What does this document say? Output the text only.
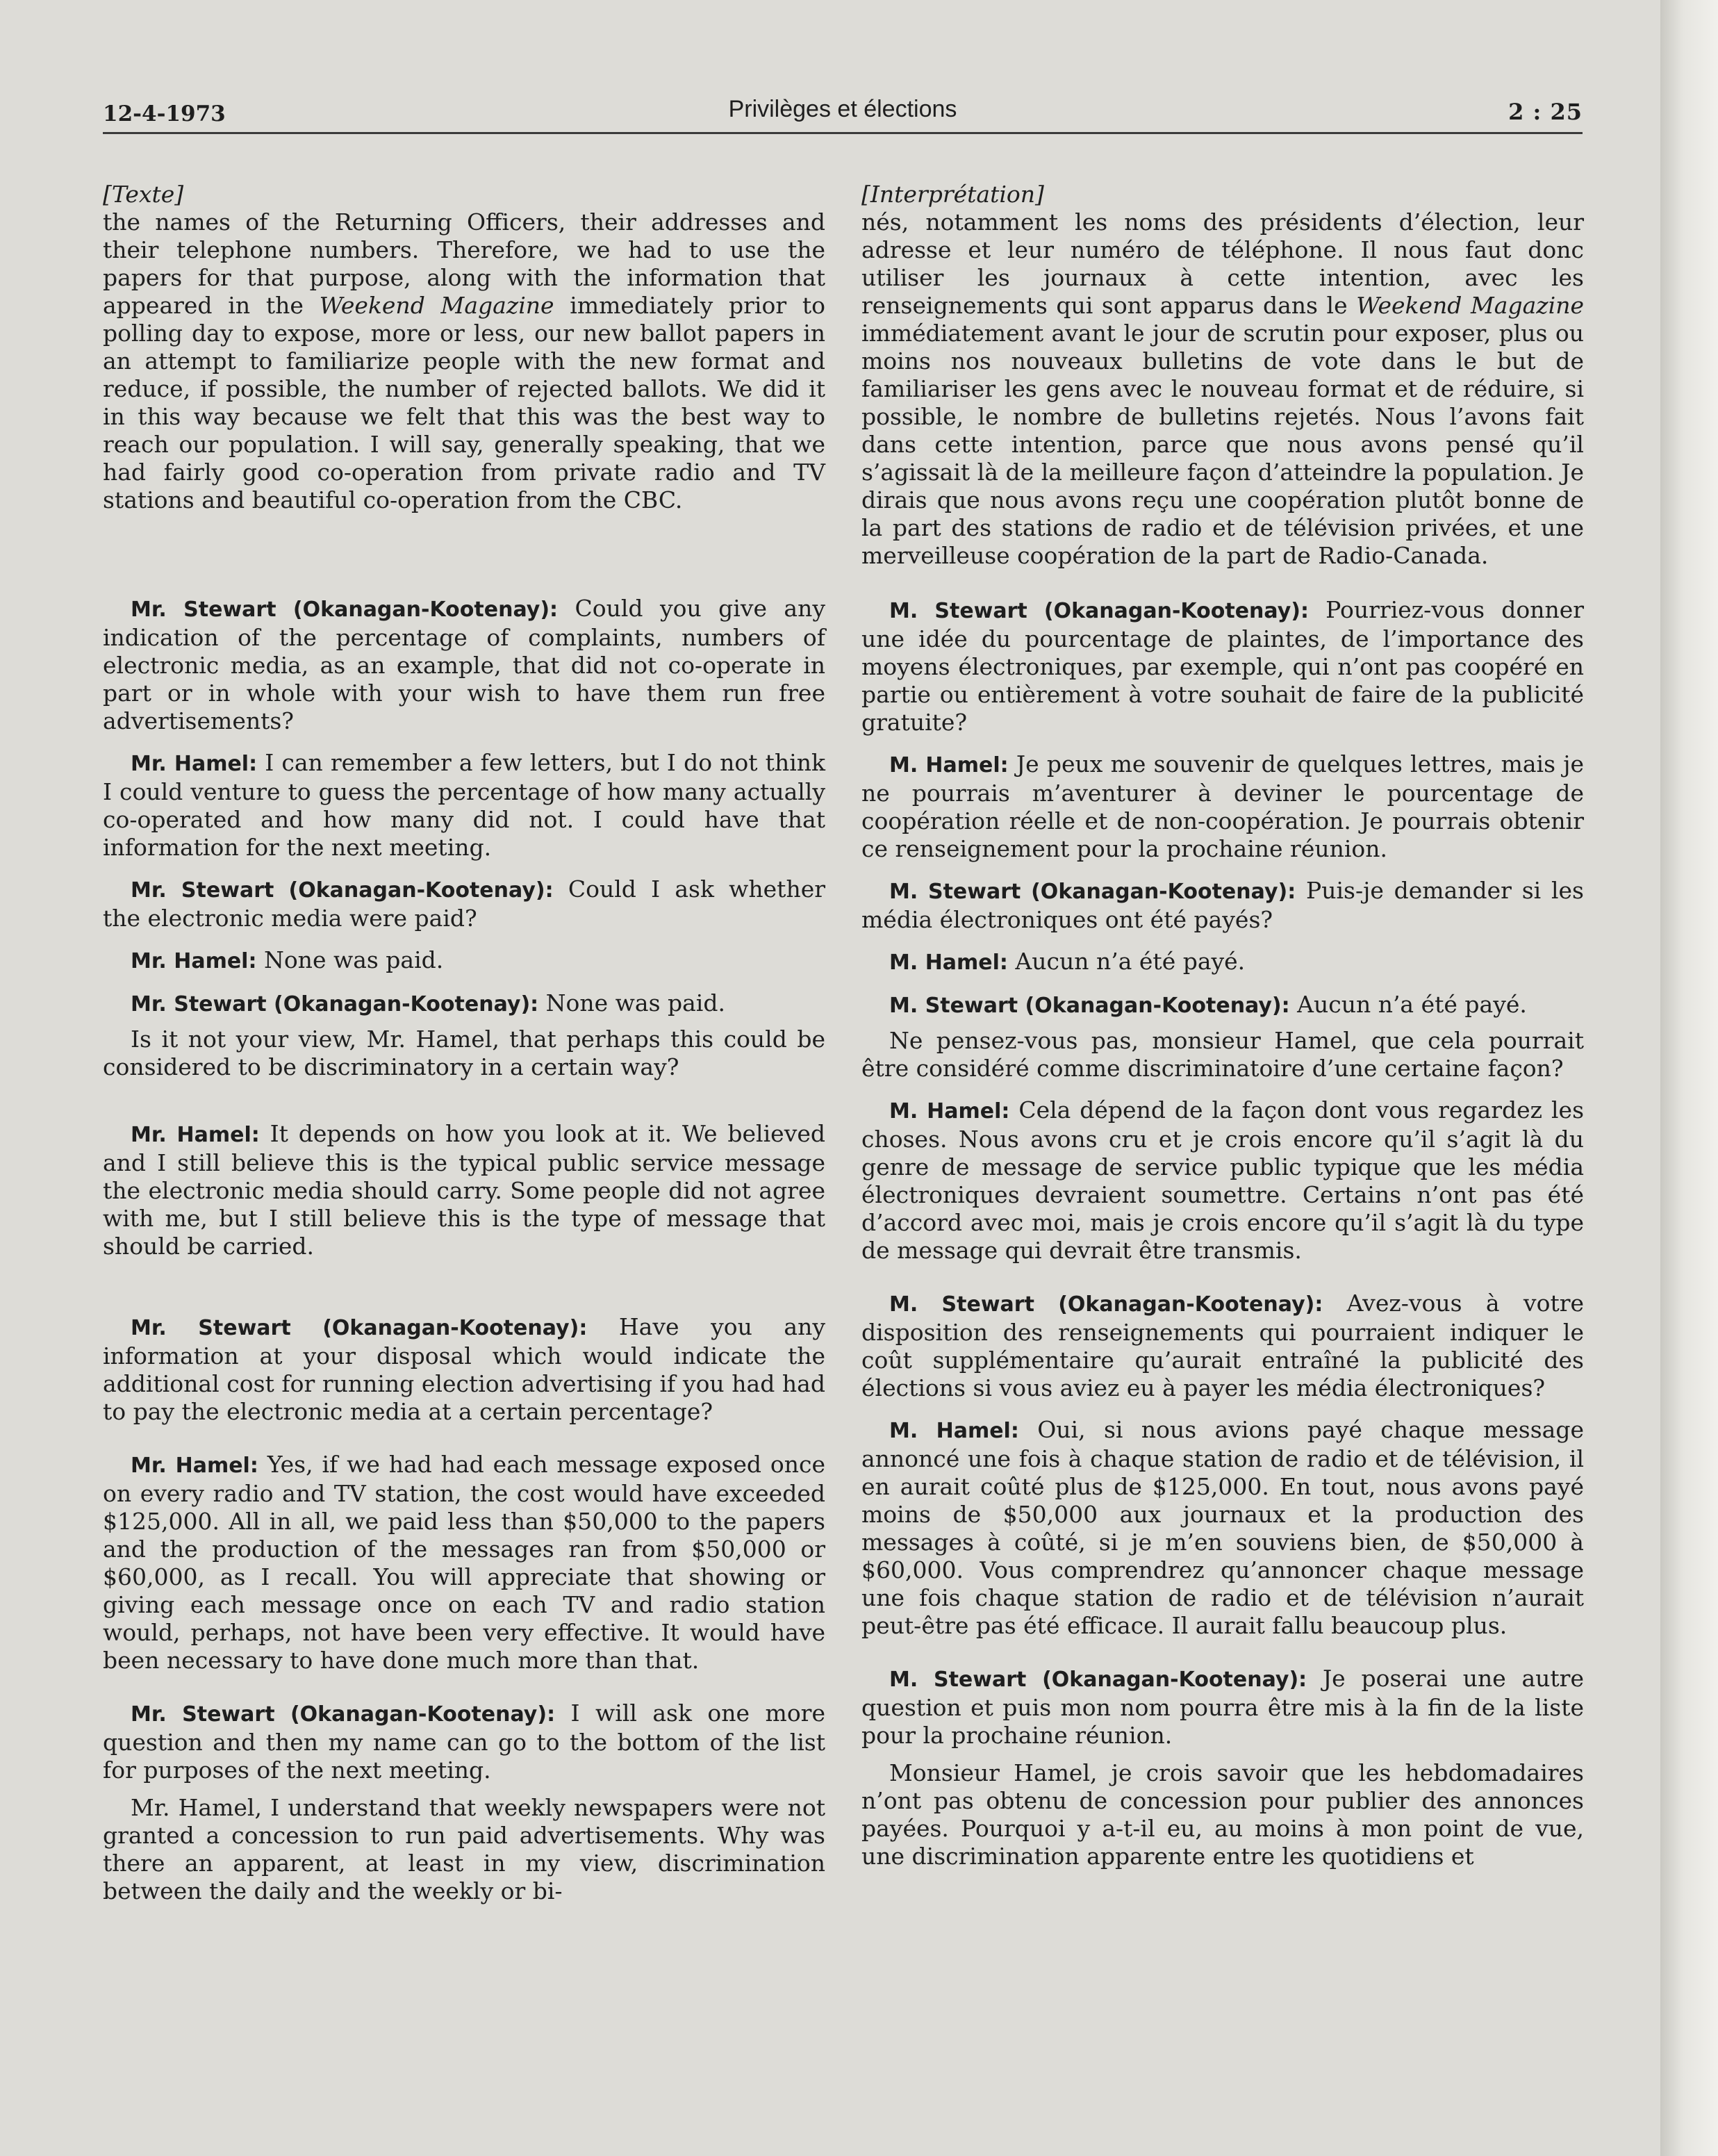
12-4-1973	Privilèges et élections	2 : 25
[Texte]

the names of the Returning Officers, their addresses and their telephone numbers. Therefore, we had to use the papers for that purpose, along with the information that appeared in the Weekend Magazine immediately prior to polling day to expose, more or less, our new ballot papers in an attempt to familiarize people with the new format and reduce, if possible, the number of rejected ballots. We did it in this way because we felt that this was the best way to reach our population. I will say, generally speaking, that we had fairly good co-operation from private radio and TV stations and beautiful co-operation from the CBC.

Mr. Stewart (Okanagan-Kootenay): Could you give any indication of the percentage of complaints, numbers of electronic media, as an example, that did not co-operate in part or in whole with your wish to have them run free advertisements?

Mr. Hamel: I can remember a few letters, but I do not think I could venture to guess the percentage of how many actually co-operated and how many did not. I could have that information for the next meeting.

Mr. Stewart (Okanagan-Kootenay): Could I ask whether the electronic media were paid?

Mr. Hamel: None was paid.

Mr. Stewart (Okanagan-Kootenay): None was paid.

Is it not your view, Mr. Hamel, that perhaps this could be considered to be discriminatory in a certain way?

Mr. Hamel: It depends on how you look at it. We believed and I still believe this is the typical public service message the electronic media should carry. Some people did not agree with me, but I still believe this is the type of message that should be carried.

Mr. Stewart (Okanagan-Kootenay): Have you any information at your disposal which would indicate the additional cost for running election advertising if you had had to pay the electronic media at a certain percentage?

Mr. Hamel: Yes, if we had had each message exposed once on every radio and TV station, the cost would have exceeded $125,000. All in all, we paid less than $50,000 to the papers and the production of the messages ran from $50,000 or $60,000, as I recall. You will appreciate that showing or giving each message once on each TV and radio station would, perhaps, not have been very effective. It would have been necessary to have done much more than that.

Mr. Stewart (Okanagan-Kootenay): I will ask one more question and then my name can go to the bottom of the list for purposes of the next meeting.

Mr. Hamel, I understand that weekly newspapers were not granted a concession to run paid advertisements. Why was there an apparent, at least in my view, discrimination between the daily and the weekly or bi-

[Interprétation]

nés, notamment les noms des présidents d’élection, leur adresse et leur numéro de téléphone. Il nous faut donc utiliser les journaux à cette intention, avec les renseignements qui sont apparus dans le Weekend Magazine immédiatement avant le jour de scrutin pour exposer, plus ou moins nos nouveaux bulletins de vote dans le but de familiariser les gens avec le nouveau format et de réduire, si possible, le nombre de bulletins rejetés. Nous l’avons fait dans cette intention, parce que nous avons pensé qu’il s’agissait là de la meilleure façon d’atteindre la population. Je dirais que nous avons reçu une coopération plutôt bonne de la part des stations de radio et de télévision privées, et une merveilleuse coopération de la part de Radio-Canada.

M. Stewart (Okanagan-Kootenay): Pourriez-vous donner une idée du pourcentage de plaintes, de l’importance des moyens électroniques, par exemple, qui n’ont pas coopéré en partie ou entièrement à votre souhait de faire de la publicité gratuite?

M. Hamel: Je peux me souvenir de quelques lettres, mais je ne pourrais m’aventurer à deviner le pourcentage de coopération réelle et de non-coopération. Je pourrais obtenir ce renseignement pour la prochaine réunion.

M. Stewart (Okanagan-Kootenay): Puis-je demander si les média électroniques ont été payés?

M. Hamel: Aucun n’a été payé.

M. Stewart (Okanagan-Kootenay): Aucun n’a été payé.

Ne pensez-vous pas, monsieur Hamel, que cela pourrait être considéré comme discriminatoire d’une certaine façon?

M. Hamel: Cela dépend de la façon dont vous regardez les choses. Nous avons cru et je crois encore qu’il s’agit là du genre de message de service public typique que les média électroniques devraient soumettre. Certains n’ont pas été d’accord avec moi, mais je crois encore qu’il s’agit là du type de message qui devrait être transmis.

M. Stewart (Okanagan-Kootenay): Avez-vous à votre disposition des renseignements qui pourraient indiquer le coût supplémentaire qu’aurait entraîné la publicité des élections si vous aviez eu à payer les média électroniques?

M. Hamel: Oui, si nous avions payé chaque message annoncé une fois à chaque station de radio et de télévision, il en aurait coûté plus de $125,000. En tout, nous avons payé moins de $50,000 aux journaux et la production des messages à coûté, si je m’en souviens bien, de $50,000 à $60,000. Vous comprendrez qu’annoncer chaque message une fois chaque station de radio et de télévision n’aurait peut-être pas été efficace. Il aurait fallu beaucoup plus.

M. Stewart (Okanagan-Kootenay): Je poserai une autre question et puis mon nom pourra être mis à la fin de la liste pour la prochaine réunion.

Monsieur Hamel, je crois savoir que les hebdomadaires n’ont pas obtenu de concession pour publier des annonces payées. Pourquoi y a-t-il eu, au moins à mon point de vue, une discrimination apparente entre les quotidiens et
